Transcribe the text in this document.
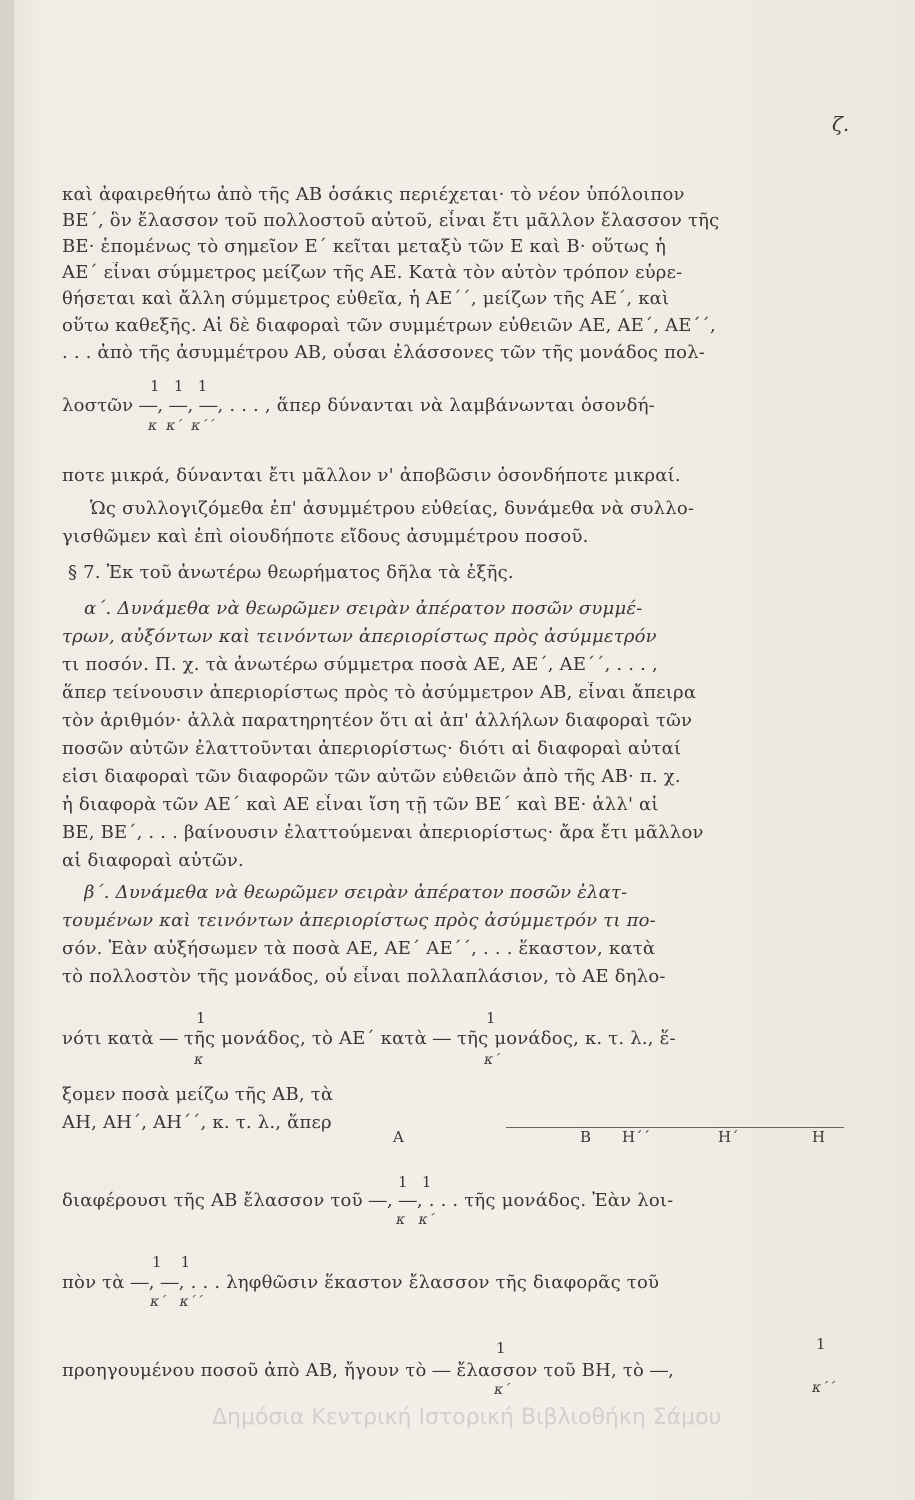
ζ.
καὶ ἀφαιρεθήτω ἀπὸ τῆς ΑΒ ὁσάκις περιέχεται· τὸ νέον ὑπόλοιπον
ΒΕ΄, ὃν ἔλασσον τοῦ πολλοστοῦ αὐτοῦ, εἶναι ἔτι μᾶλλον ἔλασσον τῆς
ΒΕ· ἑπομένως τὸ σημεῖον Ε΄ κεῖται μεταξὺ τῶν Ε καὶ Β· οὕτως ἡ
ΑΕ΄ εἶναι σύμμετρος μείζων τῆς ΑΕ. Κατὰ τὸν αὐτὸν τρόπον εὑρε-
θήσεται καὶ ἄλλη σύμμετρος εὐθεῖα, ἡ ΑΕ΄΄, μείζων τῆς ΑΕ΄, καὶ
οὕτω καθεξῆς. Αἱ δὲ διαφοραὶ τῶν συμμέτρων εὐθειῶν ΑΕ, ΑΕ΄, ΑΕ΄΄,
. . . ἀπὸ τῆς ἀσυμμέτρου ΑΒ, οὖσαι ἐλάσσονες τῶν τῆς μονάδος πολ-
1   1   1
λοστῶν ―, ―, ―, . . . , ἅπερ δύνανται νὰ λαμβάνωνται ὁσονδή-
κ  κ΄  κ΄΄
ποτε μικρά, δύνανται ἔτι μᾶλλον ν' ἀποβῶσιν ὁσονδήποτε μικραί.
Ὡς συλλογιζόμεθα ἐπ' ἀσυμμέτρου εὐθείας, δυνάμεθα νὰ συλλο-
γισθῶμεν καὶ ἐπὶ οἱουδήποτε εἴδους ἀσυμμέτρου ποσοῦ.
§ 7. Ἐκ τοῦ ἀνωτέρω θεωρήματος δῆλα τὰ ἑξῆς.
α΄. Δυνάμεθα νὰ θεωρῶμεν σειρὰν ἀπέρατον ποσῶν συμμέ-
τρων, αὐξόντων καὶ τεινόντων ἀπεριορίστως πρὸς ἀσύμμετρόν
τι ποσόν. Π. χ. τὰ ἀνωτέρω σύμμετρα ποσὰ ΑΕ, ΑΕ΄, ΑΕ΄΄, . . . ,
ἅπερ τείνουσιν ἀπεριορίστως πρὸς τὸ ἀσύμμετρον ΑΒ, εἶναι ἄπειρα
τὸν ἀριθμόν· ἀλλὰ παρατηρητέον ὅτι αἱ ἀπ' ἀλλήλων διαφοραὶ τῶν
ποσῶν αὐτῶν ἐλαττοῦνται ἀπεριορίστως· διότι αἱ διαφοραὶ αὐταί
εἰσι διαφοραὶ τῶν διαφορῶν τῶν αὐτῶν εὐθειῶν ἀπὸ τῆς ΑΒ· π. χ.
ἡ διαφορὰ τῶν ΑΕ΄ καὶ ΑΕ εἶναι ἴση τῇ τῶν ΒΕ΄ καὶ ΒΕ· ἀλλ' αἱ
ΒΕ, ΒΕ΄, . . . βαίνουσιν ἐλαττούμεναι ἀπεριορίστως· ἄρα ἔτι μᾶλλον
αἱ διαφοραὶ αὐτῶν.
β΄. Δυνάμεθα νὰ θεωρῶμεν σειρὰν ἀπέρατον ποσῶν ἐλατ-
τουμένων καὶ τεινόντων ἀπεριορίστως πρὸς ἀσύμμετρόν τι πο-
σόν. Ἐὰν αὐξήσωμεν τὰ ποσὰ ΑΕ, ΑΕ΄ ΑΕ΄΄, . . . ἕκαστον, κατὰ
τὸ πολλοστὸν τῆς μονάδος, οὗ εἶναι πολλαπλάσιον, τὸ ΑΕ δηλο-
1	1
νότι κατὰ ― τῆς μονάδος, τὸ ΑΕ΄ κατὰ ― τῆς μονάδος, κ. τ. λ., ἕ-
κ	κ΄
ξομεν ποσὰ μείζω τῆς ΑΒ, τὰ
ΑΗ, ΑΗ΄, ΑΗ΄΄, κ. τ. λ., ἅπερ
Α	Β Η΄΄	Η΄	Η
1   1
διαφέρουσι τῆς ΑΒ ἔλασσον τοῦ ―, ―, . . . τῆς μονάδος. Ἐὰν λοι-
κ   κ΄
1    1
πὸν τὰ ―, ―, . . . ληφθῶσιν ἕκαστον ἔλασσον τῆς διαφορᾶς τοῦ
κ΄   κ΄΄
1	1
προηγουμένου ποσοῦ ἀπὸ ΑΒ, ἤγουν τὸ ― ἔλασσον τοῦ ΒΗ, τὸ ―,
κ΄	κ΄΄
Δημόσια Κεντρική Ιστορική Βιβλιοθήκη Σάμου
